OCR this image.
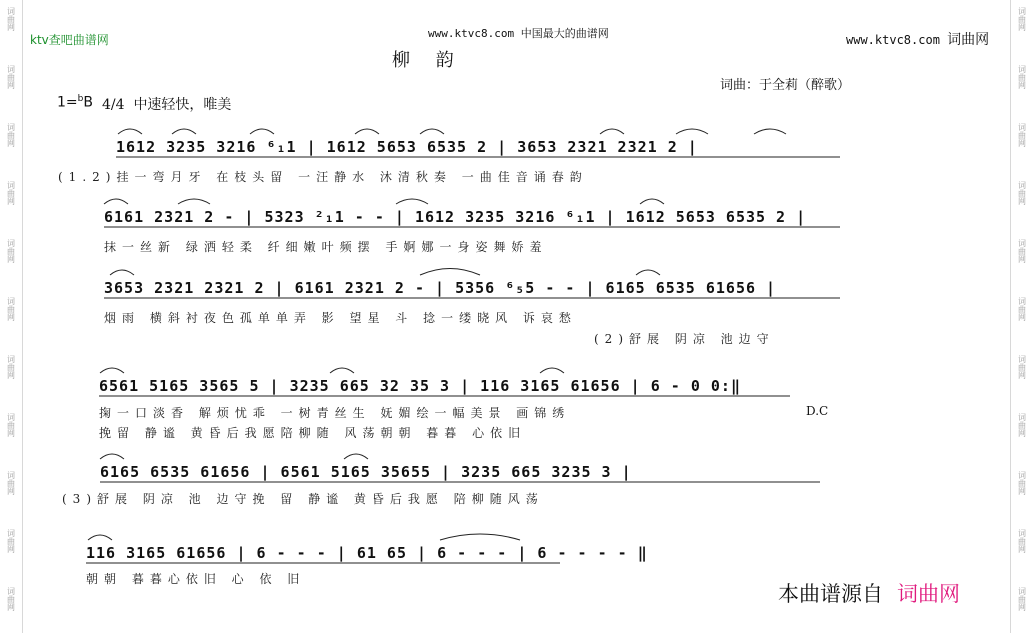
词
曲
网
词
曲
网
词
曲
网
词
曲
网
词
曲
网
词
曲
网
词
曲
网
词
曲
网
词
曲
网
词
曲
网
词
曲
网
词
曲
网
词
曲
网
词
曲
网
词
曲
网
词
曲
网
词
曲
网
词
曲
网
词
曲
网
词
曲
网
词
曲
网
词
曲
网
ktv查吧曲谱网	www.ktvc8.com 中国最大的曲谱网	www.ktvc8.com 词曲网
柳 韵
词曲：于全莉（醉歌）
1=$^b$B 4/4 中速轻快，唯美
1612 3235 3216 ⁶₁1 | 1612 5653 6535 2 | 3653 2321 2321 2 |
(1.2)挂一弯月牙 在枝头留 一汪静水 沐清秋奏 一曲佳音诵春韵
6161 2321 2 - | 5323 ²₁1 - - | 1612 3235 3216 ⁶₁1 | 1612 5653 6535 2 |
抹一丝新 绿洒轻柔 纤细嫩叶频摆 手婀娜一身姿舞娇羞
3653 2321 2321 2 | 6161 2321 2 - | 5356 ⁶₅5 - - | 6165 6535 61656 |
烟雨 横斜衬夜色孤单单弄 影 望星 斗 捻一缕晓风 诉哀愁
(2)舒展 阴凉 池边守
6561 5165 3565 5 | 3235 665 32 35 3 | 116 3165 61656 | 6 - 0 0:‖
掬一口淡香 解烦忧乖 一树青丝生 妩媚绘一幅美景 画锦绣
挽留 静谧 黄昏后我愿陪柳随 风荡朝朝 暮暮 心依旧
D.C
6165 6535 61656 | 6561 5165 35655 | 3235 665 3235 3 |
(3)舒展 阴凉 池 边守挽 留 静谧 黄昏后我愿 陪柳随风荡
116 3165 61656 | 6 - - - | 61 65 | 6 - - - | 6 - - - - ‖
朝朝 暮暮心依旧 心 依 旧
本曲谱源自 词曲网
